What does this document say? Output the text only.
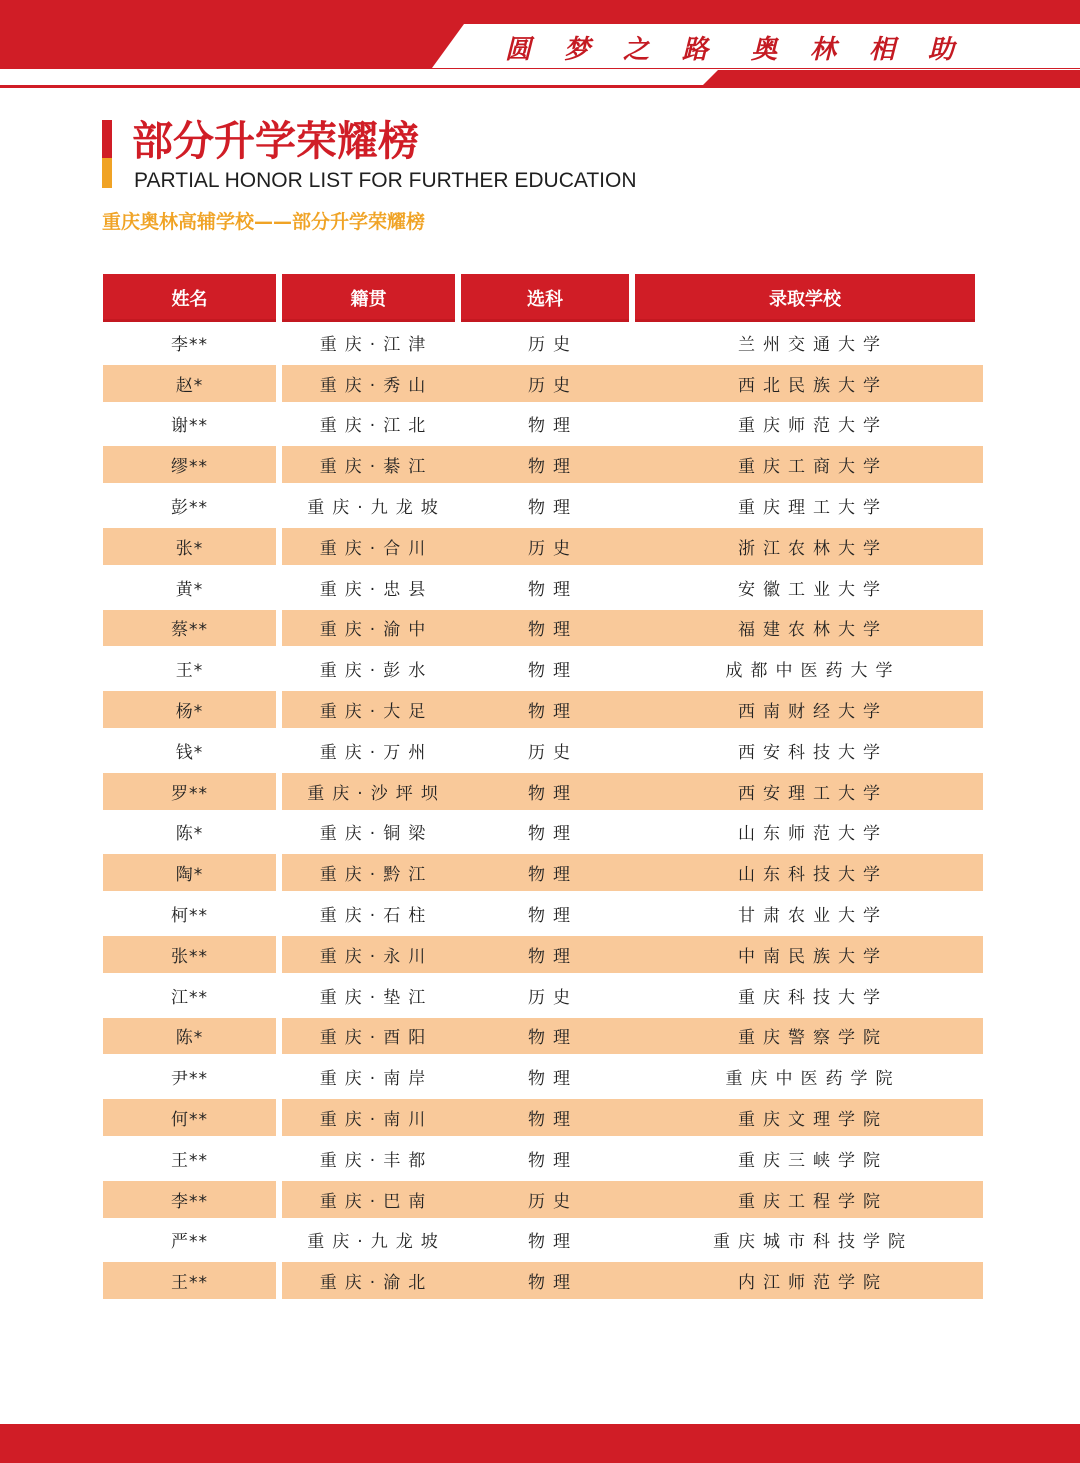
圆梦之路 奥林相助
部分升学荣耀榜
PARTIAL HONOR LIST FOR FURTHER EDUCATION
重庆奥林高辅学校——部分升学荣耀榜
姓名	籍贯	选科	录取学校
李**	重庆·江津	历史	兰州交通大学
赵*	重庆·秀山	历史	西北民族大学
谢**	重庆·江北	物理	重庆师范大学
缪**	重庆·綦江	物理	重庆工商大学
彭**	重庆·九龙坡	物理	重庆理工大学
张*	重庆·合川	历史	浙江农林大学
黄*	重庆·忠县	物理	安徽工业大学
蔡**	重庆·渝中	物理	福建农林大学
王*	重庆·彭水	物理	成都中医药大学
杨*	重庆·大足	物理	西南财经大学
钱*	重庆·万州	历史	西安科技大学
罗**	重庆·沙坪坝	物理	西安理工大学
陈*	重庆·铜梁	物理	山东师范大学
陶*	重庆·黔江	物理	山东科技大学
柯**	重庆·石柱	物理	甘肃农业大学
张**	重庆·永川	物理	中南民族大学
江**	重庆·垫江	历史	重庆科技大学
陈*	重庆·酉阳	物理	重庆警察学院
尹**	重庆·南岸	物理	重庆中医药学院
何**	重庆·南川	物理	重庆文理学院
王**	重庆·丰都	物理	重庆三峡学院
李**	重庆·巴南	历史	重庆工程学院
严**	重庆·九龙坡	物理	重庆城市科技学院
王**	重庆·渝北	物理	内江师范学院
